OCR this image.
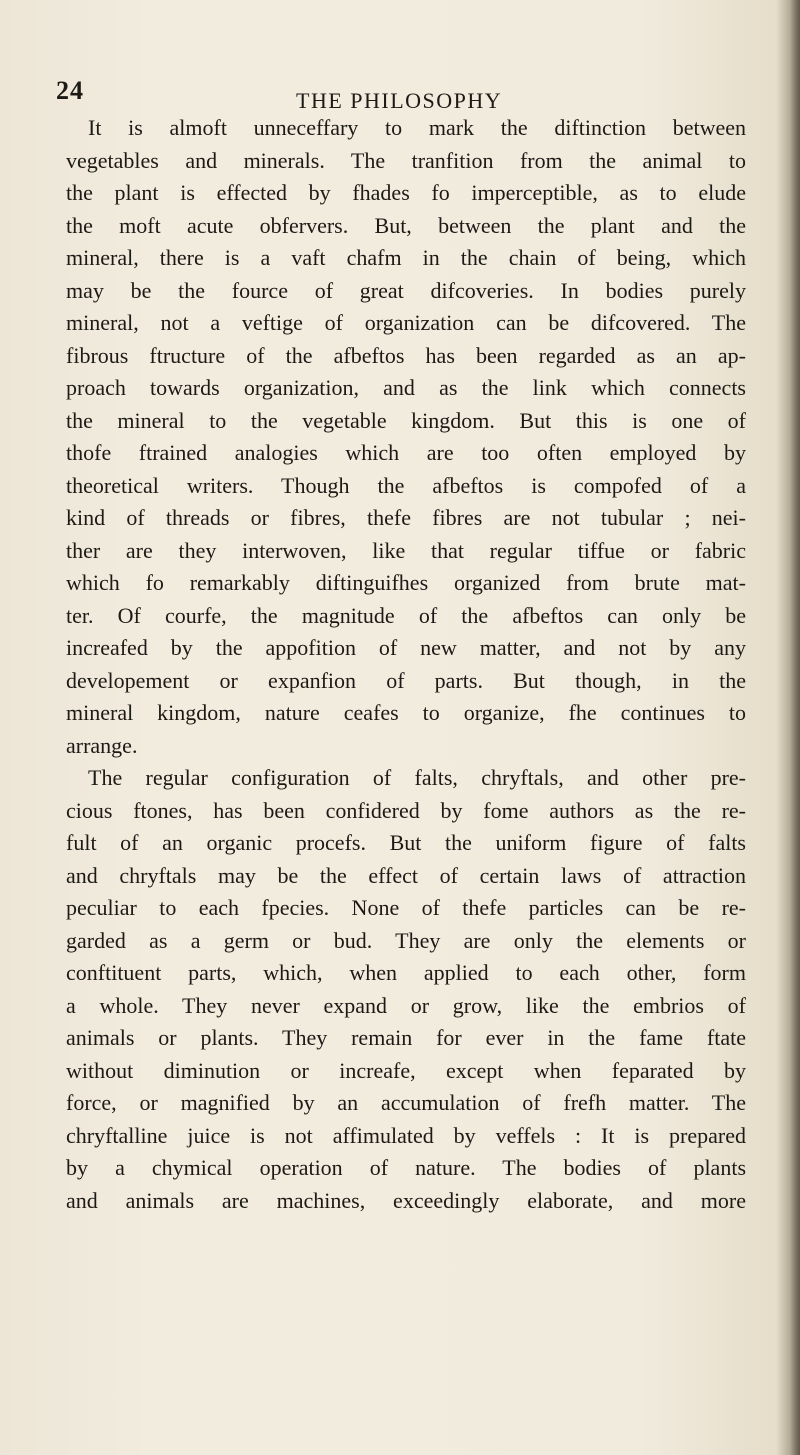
24	THE PHILOSOPHY
It is almoft unneceffary to mark the diftinction between
vegetables and minerals. The tranfition from the animal to
the plant is effected by fhades fo imperceptible, as to elude
the moft acute obfervers. But, between the plant and the
mineral, there is a vaft chafm in the chain of being, which
may be the fource of great difcoveries. In bodies purely
mineral, not a veftige of organization can be difcovered. The
fibrous ftructure of the afbeftos has been regarded as an ap-
proach towards organization, and as the link which connects
the mineral to the vegetable kingdom. But this is one of
thofe ftrained analogies which are too often employed by
theoretical writers. Though the afbeftos is compofed of a
kind of threads or fibres, thefe fibres are not tubular ; nei-
ther are they interwoven, like that regular tiffue or fabric
which fo remarkably diftinguifhes organized from brute mat-
ter. Of courfe, the magnitude of the afbeftos can only be
increafed by the appofition of new matter, and not by any
developement or expanfion of parts. But though, in the
mineral kingdom, nature ceafes to organize, fhe continues to
arrange.
The regular configuration of falts, chryftals, and other pre-
cious ftones, has been confidered by fome authors as the re-
fult of an organic procefs. But the uniform figure of falts
and chryftals may be the effect of certain laws of attraction
peculiar to each fpecies. None of thefe particles can be re-
garded as a germ or bud. They are only the elements or
conftituent parts, which, when applied to each other, form
a whole. They never expand or grow, like the embrios of
animals or plants. They remain for ever in the fame ftate
without diminution or increafe, except when feparated by
force, or magnified by an accumulation of frefh matter. The
chryftalline juice is not affimulated by veffels : It is prepared
by a chymical operation of nature. The bodies of plants
and animals are machines, exceedingly elaborate, and more
